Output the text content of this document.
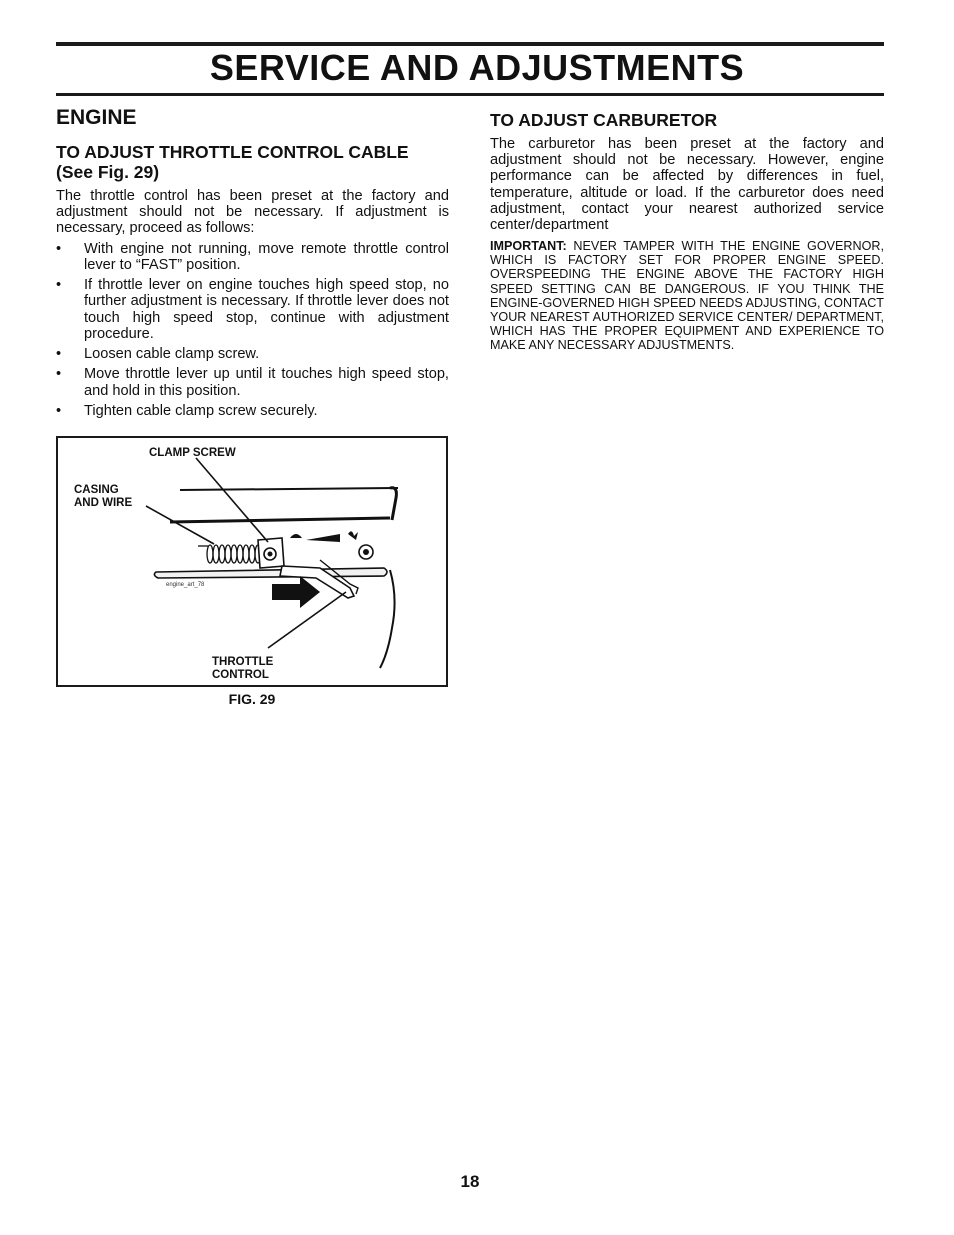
SERVICE AND ADJUSTMENTS
ENGINE
TO ADJUST THROTTLE CONTROL CABLE
(See Fig. 29)

The throttle control has been preset at the factory and adjustment should not be necessary. If adjustment is necessary, proceed as follows:

• With engine not running, move remote throttle control lever to “FAST” position.
• If throttle lever on engine touches high speed stop, no further adjustment is necessary. If throttle lever does not touch high speed stop, continue with adjustment procedure.
• Loosen cable clamp screw.
• Move throttle lever up until it touches high speed stop, and hold in this position.
• Tighten cable clamp screw securely.
CLAMP SCREW
CASING
AND WIRE
engine_art_78
THROTTLE
CONTROL
FIG. 29
TO ADJUST CARBURETOR

The carburetor has been preset at the factory and adjustment should not be necessary. However, engine performance can be affected by differences in fuel, temperature, altitude or load. If the carburetor does need adjustment, contact your nearest authorized service center/department

IMPORTANT: NEVER TAMPER WITH THE ENGINE GOVERNOR, WHICH IS FACTORY SET FOR PROPER ENGINE SPEED. OVERSPEEDING THE ENGINE ABOVE THE FACTORY HIGH SPEED SETTING CAN BE DANGEROUS. IF YOU THINK THE ENGINE-GOVERNED HIGH SPEED NEEDS ADJUSTING, CONTACT YOUR NEAREST AUTHORIZED SERVICE CENTER/ DEPARTMENT, WHICH HAS THE PROPER EQUIPMENT AND EXPERIENCE TO MAKE ANY NECESSARY ADJUSTMENTS.

18
